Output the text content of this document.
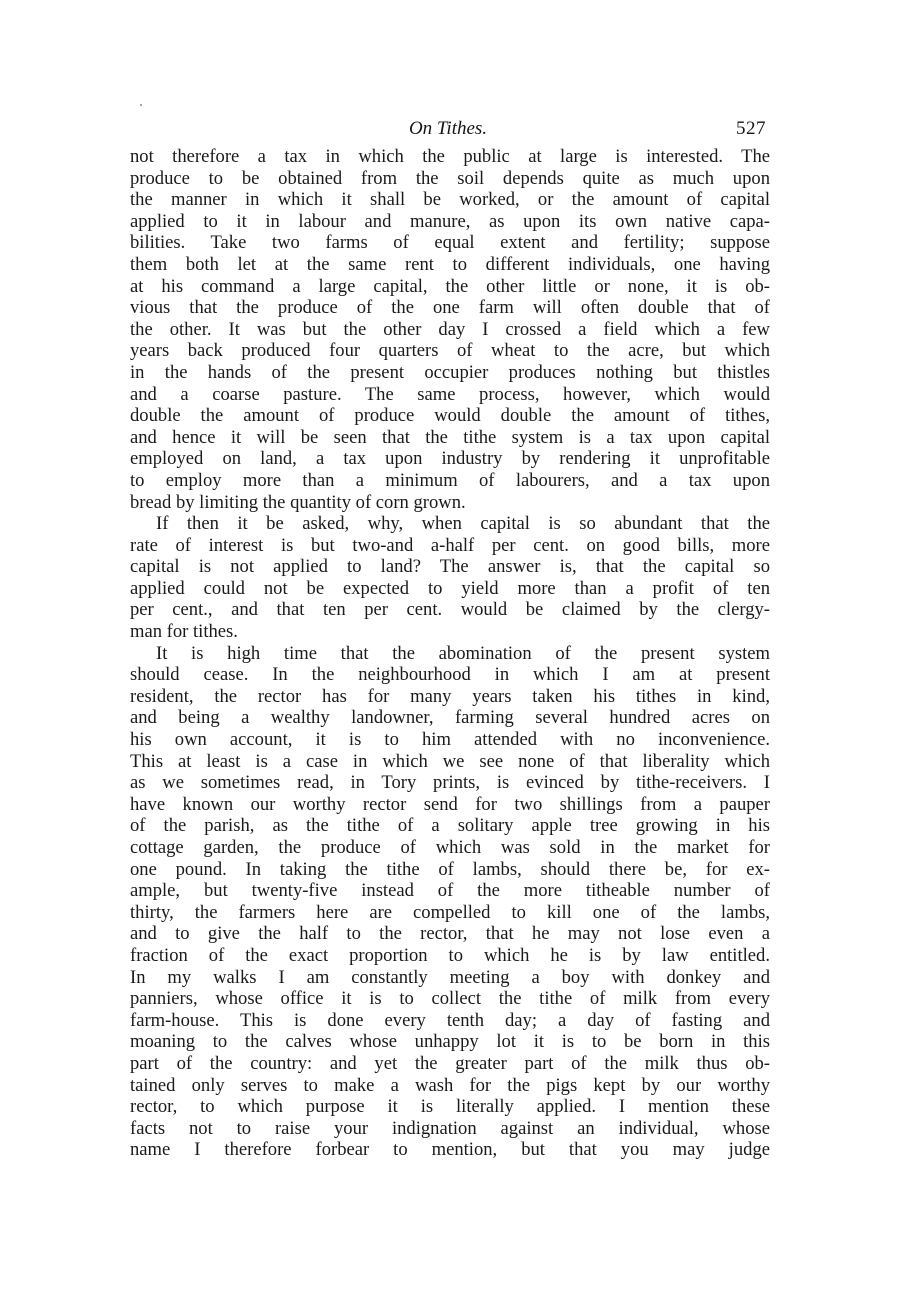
On Tithes.	527
not therefore a tax in which the public at large is interested. The
produce to be obtained from the soil depends quite as much upon
the manner in which it shall be worked, or the amount of capital
applied to it in labour and manure, as upon its own native capa-
bilities. Take two farms of equal extent and fertility; suppose
them both let at the same rent to different individuals, one having
at his command a large capital, the other little or none, it is ob-
vious that the produce of the one farm will often double that of
the other. It was but the other day I crossed a field which a few
years back produced four quarters of wheat to the acre, but which
in the hands of the present occupier produces nothing but thistles
and a coarse pasture. The same process, however, which would
double the amount of produce would double the amount of tithes,
and hence it will be seen that the tithe system is a tax upon capital
employed on land, a tax upon industry by rendering it unprofitable
to employ more than a minimum of labourers, and a tax upon
bread by limiting the quantity of corn grown.
If then it be asked, why, when capital is so abundant that the
rate of interest is but two-and a-half per cent. on good bills, more
capital is not applied to land? The answer is, that the capital so
applied could not be expected to yield more than a profit of ten
per cent., and that ten per cent. would be claimed by the clergy-
man for tithes.
It is high time that the abomination of the present system
should cease. In the neighbourhood in which I am at present
resident, the rector has for many years taken his tithes in kind,
and being a wealthy landowner, farming several hundred acres on
his own account, it is to him attended with no inconvenience.
This at least is a case in which we see none of that liberality which
as we sometimes read, in Tory prints, is evinced by tithe-receivers. I
have known our worthy rector send for two shillings from a pauper
of the parish, as the tithe of a solitary apple tree growing in his
cottage garden, the produce of which was sold in the market for
one pound. In taking the tithe of lambs, should there be, for ex-
ample, but twenty-five instead of the more titheable number of
thirty, the farmers here are compelled to kill one of the lambs,
and to give the half to the rector, that he may not lose even a
fraction of the exact proportion to which he is by law entitled.
In my walks I am constantly meeting a boy with donkey and
panniers, whose office it is to collect the tithe of milk from every
farm-house. This is done every tenth day; a day of fasting and
moaning to the calves whose unhappy lot it is to be born in this
part of the country: and yet the greater part of the milk thus ob-
tained only serves to make a wash for the pigs kept by our worthy
rector, to which purpose it is literally applied. I mention these
facts not to raise your indignation against an individual, whose
name I therefore forbear to mention, but that you may judge
